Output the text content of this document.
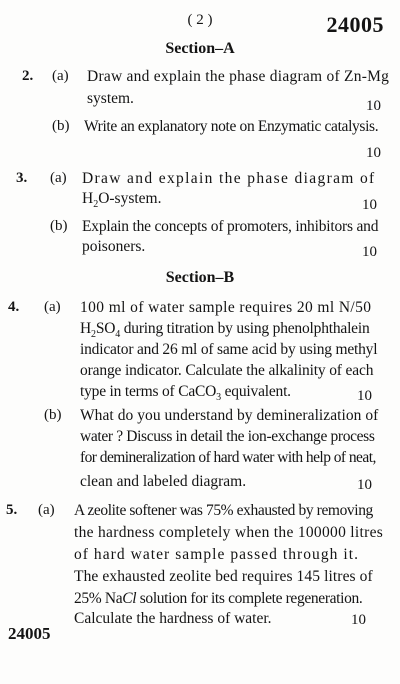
( 2 )	24005
Section–A
2. (a) Draw and explain the phase diagram of Zn-Mg
system.	10
(b) Write an explanatory note on Enzymatic catalysis.
10
3. (a) Draw and explain the phase diagram of
$H_2O$-system.	10
(b) Explain the concepts of promoters, inhibitors and
poisoners.	10
Section–B
4. (a) 100 ml of water sample requires 20 ml N/50
$H_2SO_4$ during titration by using phenolphthalein
indicator and 26 ml of same acid by using methyl
orange indicator. Calculate the alkalinity of each
type in terms of CaCO$_3$ equivalent.	10
(b) What do you understand by demineralization of
water ? Discuss in detail the ion-exchange process
for demineralization of hard water with help of neat,
clean and labeled diagram.	10
5. (a) A zeolite softener was 75% exhausted by removing
the hardness completely when the 100000 litres
of hard water sample passed through it.
The exhausted zeolite bed requires 145 litres of
25% NaCl solution for its complete regeneration.
Calculate the hardness of water.	10
24005
